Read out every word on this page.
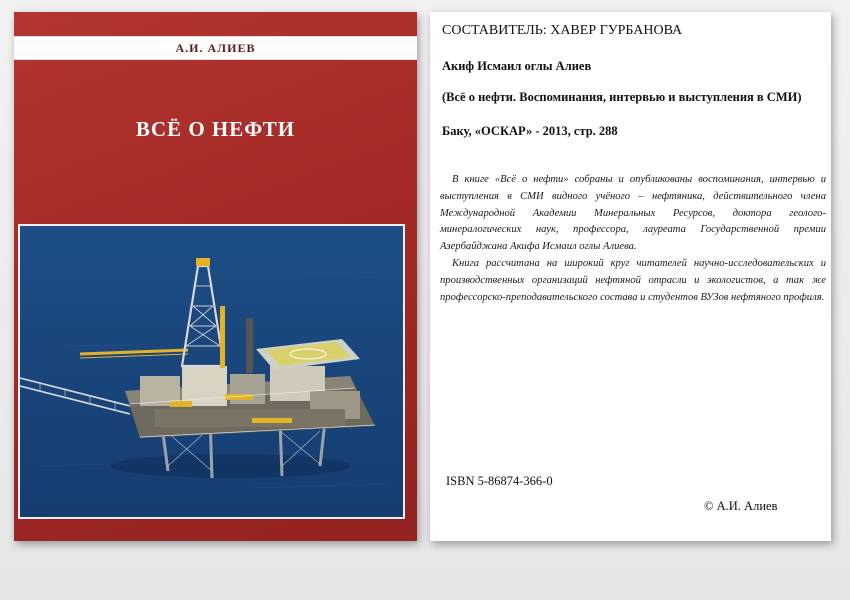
А.И. АЛИЕВ
ВСЁ О НЕФТИ
СОСТАВИТЕЛЬ: ХАВЕР ГУРБАНОВА
Акиф Исмаил оглы Алиев
(Всё о нефти. Воспоминания, интервью и выступления в СМИ)
Баку, «ОСКАР» - 2013, стр. 288

В книге «Всё о нефти» собраны и опубликованы воспоминания, интервью и выступления в СМИ видного учёного – нефтяника, действительного члена Международной Академии Минеральных Ресурсов, доктора геолого-минералогических наук, профессора, лауреата Государственной премии Азербайджана Акифа Исмаил оглы Алиева.

Книга рассчитана на широкий круг читателей научно-исследовательских и производственных организаций нефтяной отрасли и экологистов, а так же профессорско-преподавательского состава и студентов ВУЗов нефтяного профиля.

ISBN 5-86874-366-0
© А.И. Алиев
